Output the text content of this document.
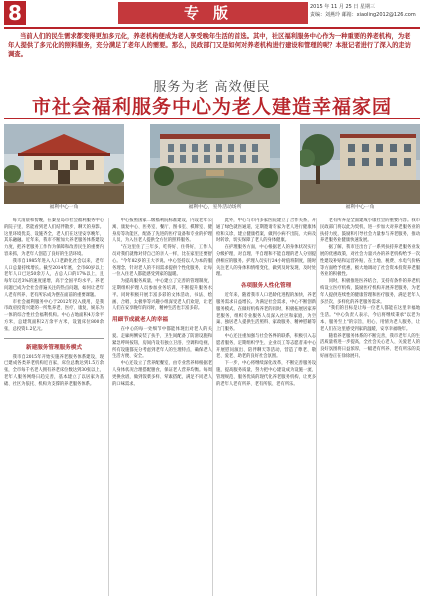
8	专版	2015 年 11 月 25 日 星期三
责编：刘燕玲 邮箱：xiaoling2012@126.com

当前人们的民生需求都变得更加多元化，养老机构便成为老人享受晚年生活的首选。其中，社区福利服务中心作为一种重要的养老机构，为老年人提供了多元化的照料服务，充分满足了老年人的需要。那么，民政部门又是如何对养老机构进行建设和管理的呢？本报记者进行了深入的走访调查。

服务为老 高效便民
市社会福利服务中心为老人建造幸福家园
福利中心一角	福利中心，室外活动场所	福利中心一角

每天清晨和傍晚，在秦皇岛市社会福利服务中心的院子里，常能看到老人们结伴散步、聊天的身影。这里环境优美、设施齐全，老人们在这里安享晚年，其乐融融。近年来，我市不断加大养老服务体系建设力度，把养老服务工作作为保障和改善民生的重要内容来抓，为老年人创造了良好的生活环境。

我市自1985年进入人口老龄化社会以来，老年人口总量持续增长。截至2014年底，全市60岁以上老年人口已达50余万人，占总人口的17%以上，且每年以近3%的速度递增，高于全国平均水平。养老问题已成为全社会普遍关注的热点问题，如何让老年人老有所养、老有所乐成为摆在面前的重要课题。

市社会福利服务中心于2012年投入使用，是我市政府投资兴建的一所集养老、医疗、康复、娱乐为一体的综合性社会福利机构。中心占地面积4万余平方米，总建筑面积2万余平方米，设置床位800余张，总投资1.2亿元。

新建服务管理服务模式

我市自2015年开始实施养老服务体系建设，现已建成各类养老机构近百家，床位总数达到1.5万余张，全市每千名老人拥有养老床位数达到30张以上，老年人服务网络日趋完善，基本建立了以居家为基础、社区为依托、机构为支撑的养老服务体系。

中心按照国家二级福利院标准建设，内设老年公寓、康复中心、医务室、餐厅、图书室、棋牌室、健身房等功能区，配备了先进的医疗设备和专业的护理人员，为入住老人提供全方位的照料服务。

"在这里住了三年多，吃得好、住得好，工作人员对我们就像对待自己的亲人一样，比在家里还要舒心。"今年82岁的王大爷说。中心坚持以人为本的服务理念，针对老人的不同需求提供个性化服务，让每一位入住老人都能感受到家的温暖。

为提高服务质量，中心建立了完善的管理制度，定期组织护理人员参加业务培训，不断提升服务水平。同时积极开展丰富多彩的文体活动，书法、绘画、合唱、太极拳等兴趣小组深受老人们欢迎，让老人们在安享晚年的同时，精神生活也丰富多彩。

用細节成就老人的幸福

在中心的每一处细节中都能体现出对老人的关爱。走廊两侧安装了扶手，卫生间配备了防滑设施和紧急呼叫按钮，房间内设有独立卫浴、空调和电视，所有设施都充分考虑到老年人的生理特点，确保老人生活方便、安全。

中心还设立了营养配餐室，由专业营养师根据老人身体状况合理搭配膳食，保证老人营养均衡。每周更换食谱，做到饭菜多样、荤素搭配，满足不同老人的口味需求。

此外，中心与市内多家医院建立了合作关系，开通了绿色就医通道，定期邀请专家为老人进行健康体检和义诊，建立健康档案，做到小病不出院、大病及时转诊，切实保障了老人的身体健康。

在护理服务方面，中心根据老人的身体状况实行分级护理，对自理、半自理和不能自理的老人分别提供相应的服务。护理人员实行24小时值班制度，随时关注老人的身体和情绪变化，做到及时发现、及时处理。

各项服务人性化管理

近年来，随着我市人口老龄化进程的加快，养老服务需求日益增长。为满足社会需求，中心不断创新服务模式，在做好机构养老的同时，积极拓展居家养老服务，组织专业服务人员深入社区和家庭，为空巢、独居老人提供生活照料、家政服务、精神慰藉等上门服务。

中心还注重加强与社会各界的联系，积极引入志愿者服务，定期组织学生、企业员工等志愿者来中心开展慰问演出、陪伴聊天等活动，营造了尊老、敬老、爱老、助老的良好社会氛围。

下一步，中心将继续深化改革，不断完善服务设施，提高服务质量，努力把中心建设成为设施一流、管理规范、服务优质的现代化养老服务机构，让更多的老年人老有所养、老有所依、老有所乐。

老有所养是全面建成小康社会的重要内容。我市民政部门将以此为契机，进一步加大对养老服务业的扶持力度，鼓励和引导社会力量参与养老服务，推动养老服务业健康快速发展。

据了解，我市还出台了一系列扶持养老服务业发展的优惠政策，对社会力量兴办的养老机构给予一次性建设补贴和运营补贴，在土地、税费、水电气价格等方面给予优惠，极大地调动了社会资本投资养老服务业的积极性。

同时，积极推进医养结合，支持有条件的养老机构设立医疗机构，鼓励医疗机构开展养老服务，为老年人提供连续性的健康管理和医疗服务，满足老年人多层次、多样化的养老服务需求。

"我们的目标是让每一位老人都能在这里幸福地生活。"中心负责人表示，今后将继续秉承"以老为本、服务至上"的宗旨，用心、用情为老人服务，让老人们在这里感受到家的温暖，安享幸福晚年。

随着养老服务体系的不断完善，我市老年人的生活质量将进一步提高，全社会关心老人、关爱老人的良好氛围将日益浓厚，一幅老有所养、老有所乐的美好画卷正在徐徐展开。
